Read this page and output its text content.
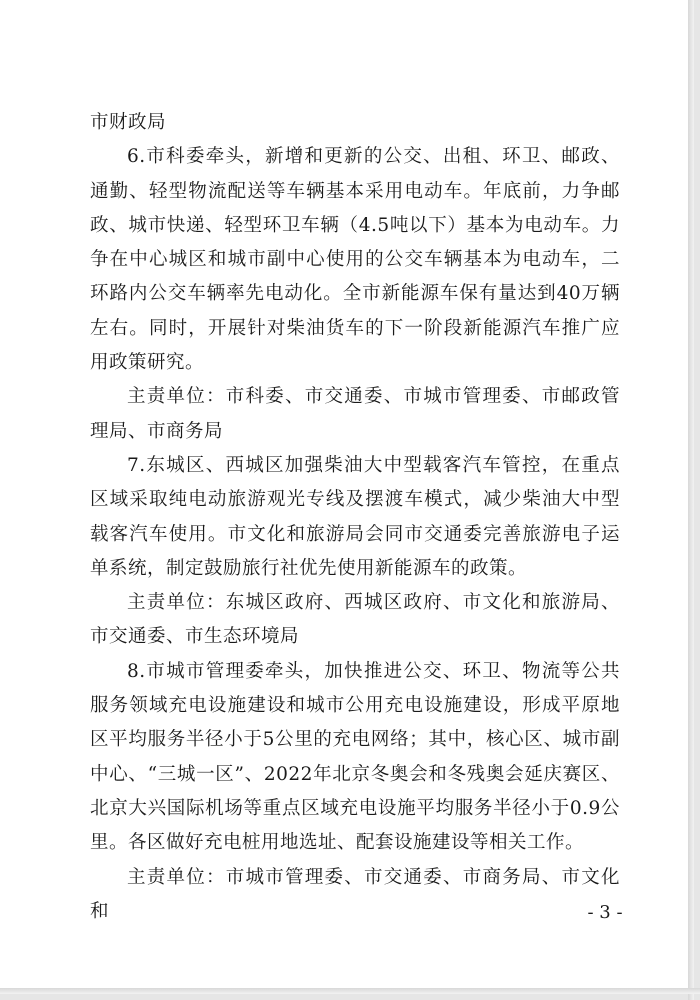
市财政局

6.市科委牵头，新增和更新的公交、出租、环卫、邮政、通勤、轻型物流配送等车辆基本采用电动车。年底前，力争邮政、城市快递、轻型环卫车辆（4.5吨以下）基本为电动车。力争在中心城区和城市副中心使用的公交车辆基本为电动车，二环路内公交车辆率先电动化。全市新能源车保有量达到40万辆左右。同时，开展针对柴油货车的下一阶段新能源汽车推广应用政策研究。

主责单位：市科委、市交通委、市城市管理委、市邮政管理局、市商务局

7.东城区、西城区加强柴油大中型载客汽车管控，在重点区域采取纯电动旅游观光专线及摆渡车模式，减少柴油大中型载客汽车使用。市文化和旅游局会同市交通委完善旅游电子运单系统，制定鼓励旅行社优先使用新能源车的政策。

主责单位：东城区政府、西城区政府、市文化和旅游局、市交通委、市生态环境局

8.市城市管理委牵头，加快推进公交、环卫、物流等公共服务领域充电设施建设和城市公用充电设施建设，形成平原地区平均服务半径小于5公里的充电网络；其中，核心区、城市副中心、“三城一区”、2022年北京冬奥会和冬残奥会延庆赛区、北京大兴国际机场等重点区域充电设施平均服务半径小于0.9公里。各区做好充电桩用地选址、配套设施建设等相关工作。

主责单位：市城市管理委、市交通委、市商务局、市文化和	- 3 -
